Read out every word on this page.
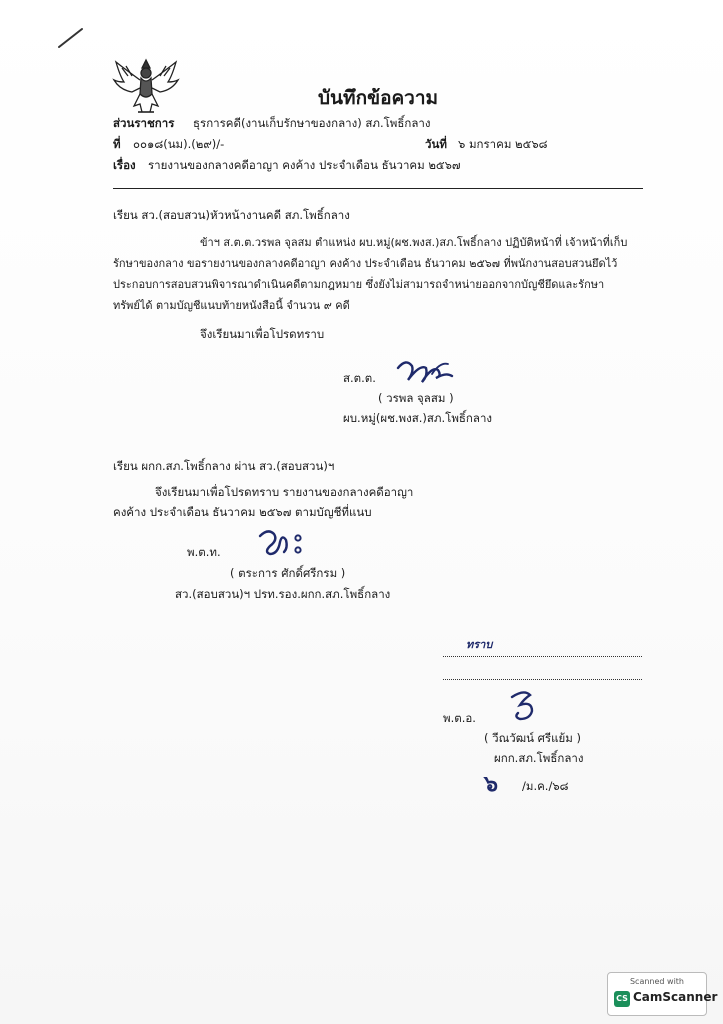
บันทึกข้อความ
ส่วนราชการ ธุรการคดี(งานเก็บรักษาของกลาง) สภ.โพธิ์กลาง
ที่ ๐๐๑๘(นม).(๒๙)/-	วันที่ ๖ มกราคม ๒๕๖๘
เรื่อง รายงานของกลางคดีอาญา คงค้าง ประจำเดือน ธันวาคม ๒๕๖๗
เรียน สว.(สอบสวน)หัวหน้างานคดี สภ.โพธิ์กลาง
ข้าฯ ส.ต.ต.วรพล จุลสม ตำแหน่ง ผบ.หมู่(ผช.พงส.)สภ.โพธิ์กลาง ปฏิบัติหน้าที่ เจ้าหน้าที่เก็บ
รักษาของกลาง ขอรายงานของกลางคดีอาญา คงค้าง ประจำเดือน ธันวาคม ๒๕๖๗ ที่พนักงานสอบสวนยึดไว้
ประกอบการสอบสวนพิจารณาดำเนินคดีตามกฎหมาย ซึ่งยังไม่สามารถจำหน่ายออกจากบัญชียึดและรักษา
ทรัพย์ได้ ตามบัญชีแนบท้ายหนังสือนี้ จำนวน ๙ คดี
จึงเรียนมาเพื่อโปรดทราบ
ส.ต.ต.
( วรพล จุลสม )
ผบ.หมู่(ผช.พงส.)สภ.โพธิ์กลาง
เรียน ผกก.สภ.โพธิ์กลาง ผ่าน สว.(สอบสวน)ฯ
จึงเรียนมาเพื่อโปรดทราบ รายงานของกลางคดีอาญา
คงค้าง ประจำเดือน ธันวาคม ๒๕๖๗ ตามบัญชีที่แนบ
พ.ต.ท.
( ตระการ ศักดิ์ศรีกรม )
สว.(สอบสวน)ฯ ปรท.รอง.ผกก.สภ.โพธิ์กลาง
ทราบ
พ.ต.อ.
( วีณวัฒน์ ศรีแย้ม )
ผกก.สภ.โพธิ์กลาง
๖ /ม.ค./๖๘
Scanned with
CS CamScanner
